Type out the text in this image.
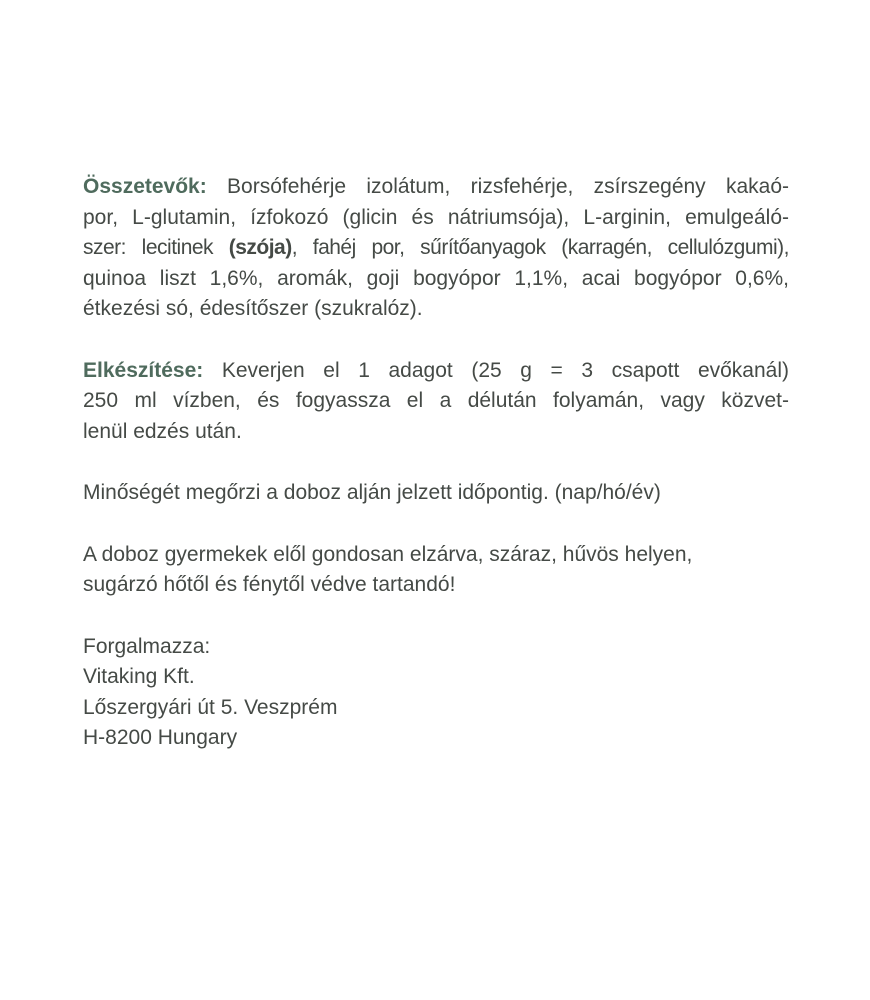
Összetevők: Borsófehérje izolátum, rizsfehérje, zsírszegény kakaó-
por, L-glutamin, ízfokozó (glicin és nátriumsója), L-arginin, emulgeáló-
szer: lecitinek (szója), fahéj por, sűrítőanyagok (karragén, cellulózgumi),
quinoa liszt 1,6%, aromák, goji bogyópor 1,1%, acai bogyópor 0,6%,
étkezési só, édesítőszer (szukralóz).

Elkészítése: Keverjen el 1 adagot (25 g = 3 csapott evőkanál)
250 ml vízben, és fogyassza el a délután folyamán, vagy közvet-
lenül edzés után.

Minőségét megőrzi a doboz alján jelzett időpontig. (nap/hó/év)

A doboz gyermekek elől gondosan elzárva, száraz, hűvös helyen,
sugárzó hőtől és fénytől védve tartandó!

Forgalmazza:
Vitaking Kft.
Lőszergyári út 5. Veszprém
H-8200 Hungary
